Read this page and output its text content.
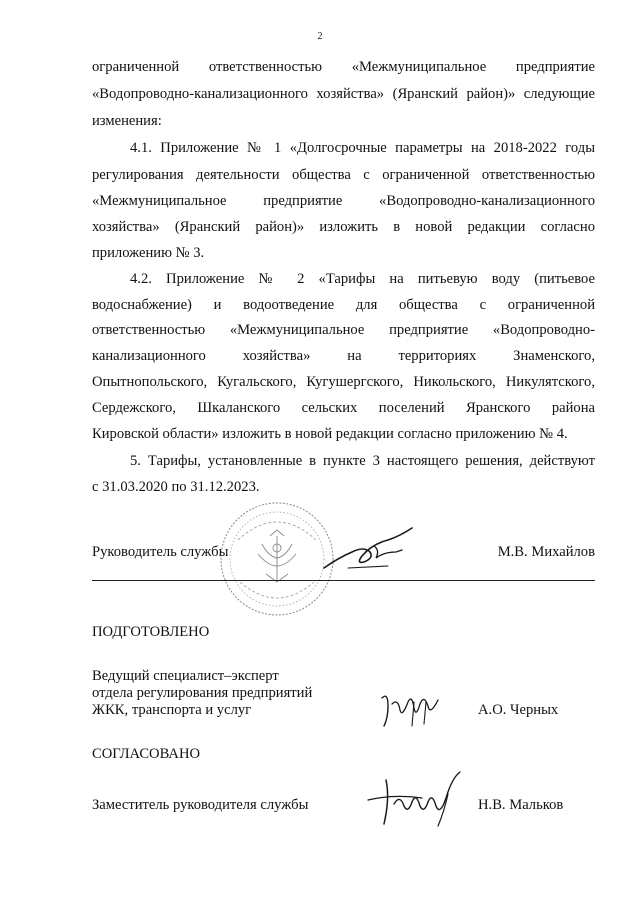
2
ограниченной ответственностью «Межмуниципальное предприятие
«Водопроводно-канализационного хозяйства» (Яранский район)» следующие
изменения:
4.1. Приложение № 1 «Долгосрочные параметры на 2018-2022 годы
регулирования деятельности общества с ограниченной ответственностью
«Межмуниципальное предприятие «Водопроводно-канализационного
хозяйства» (Яранский район)» изложить в новой редакции согласно
приложению № 3.
4.2. Приложение № 2 «Тарифы на питьевую воду (питьевое
водоснабжение) и водоотведение для общества с ограниченной
ответственностью «Межмуниципальное предприятие «Водопроводно-
канализационного хозяйства» на территориях Знаменского,
Опытнопольского, Кугальского, Кугушергского, Никольского, Никулятского,
Сердежского, Шкаланского сельских поселений Яранского района
Кировской области» изложить в новой редакции согласно приложению № 4.
5. Тарифы, установленные в пункте 3 настоящего решения, действуют
с 31.03.2020 по 31.12.2023.
Руководитель службы	М.В. Михайлов
ПОДГОТОВЛЕНО
Ведущий специалист–эксперт
отдела регулирования предприятий
ЖКК, транспорта и услуг	А.О. Черных
СОГЛАСОВАНО
Заместитель руководителя службы	Н.В. Мальков
